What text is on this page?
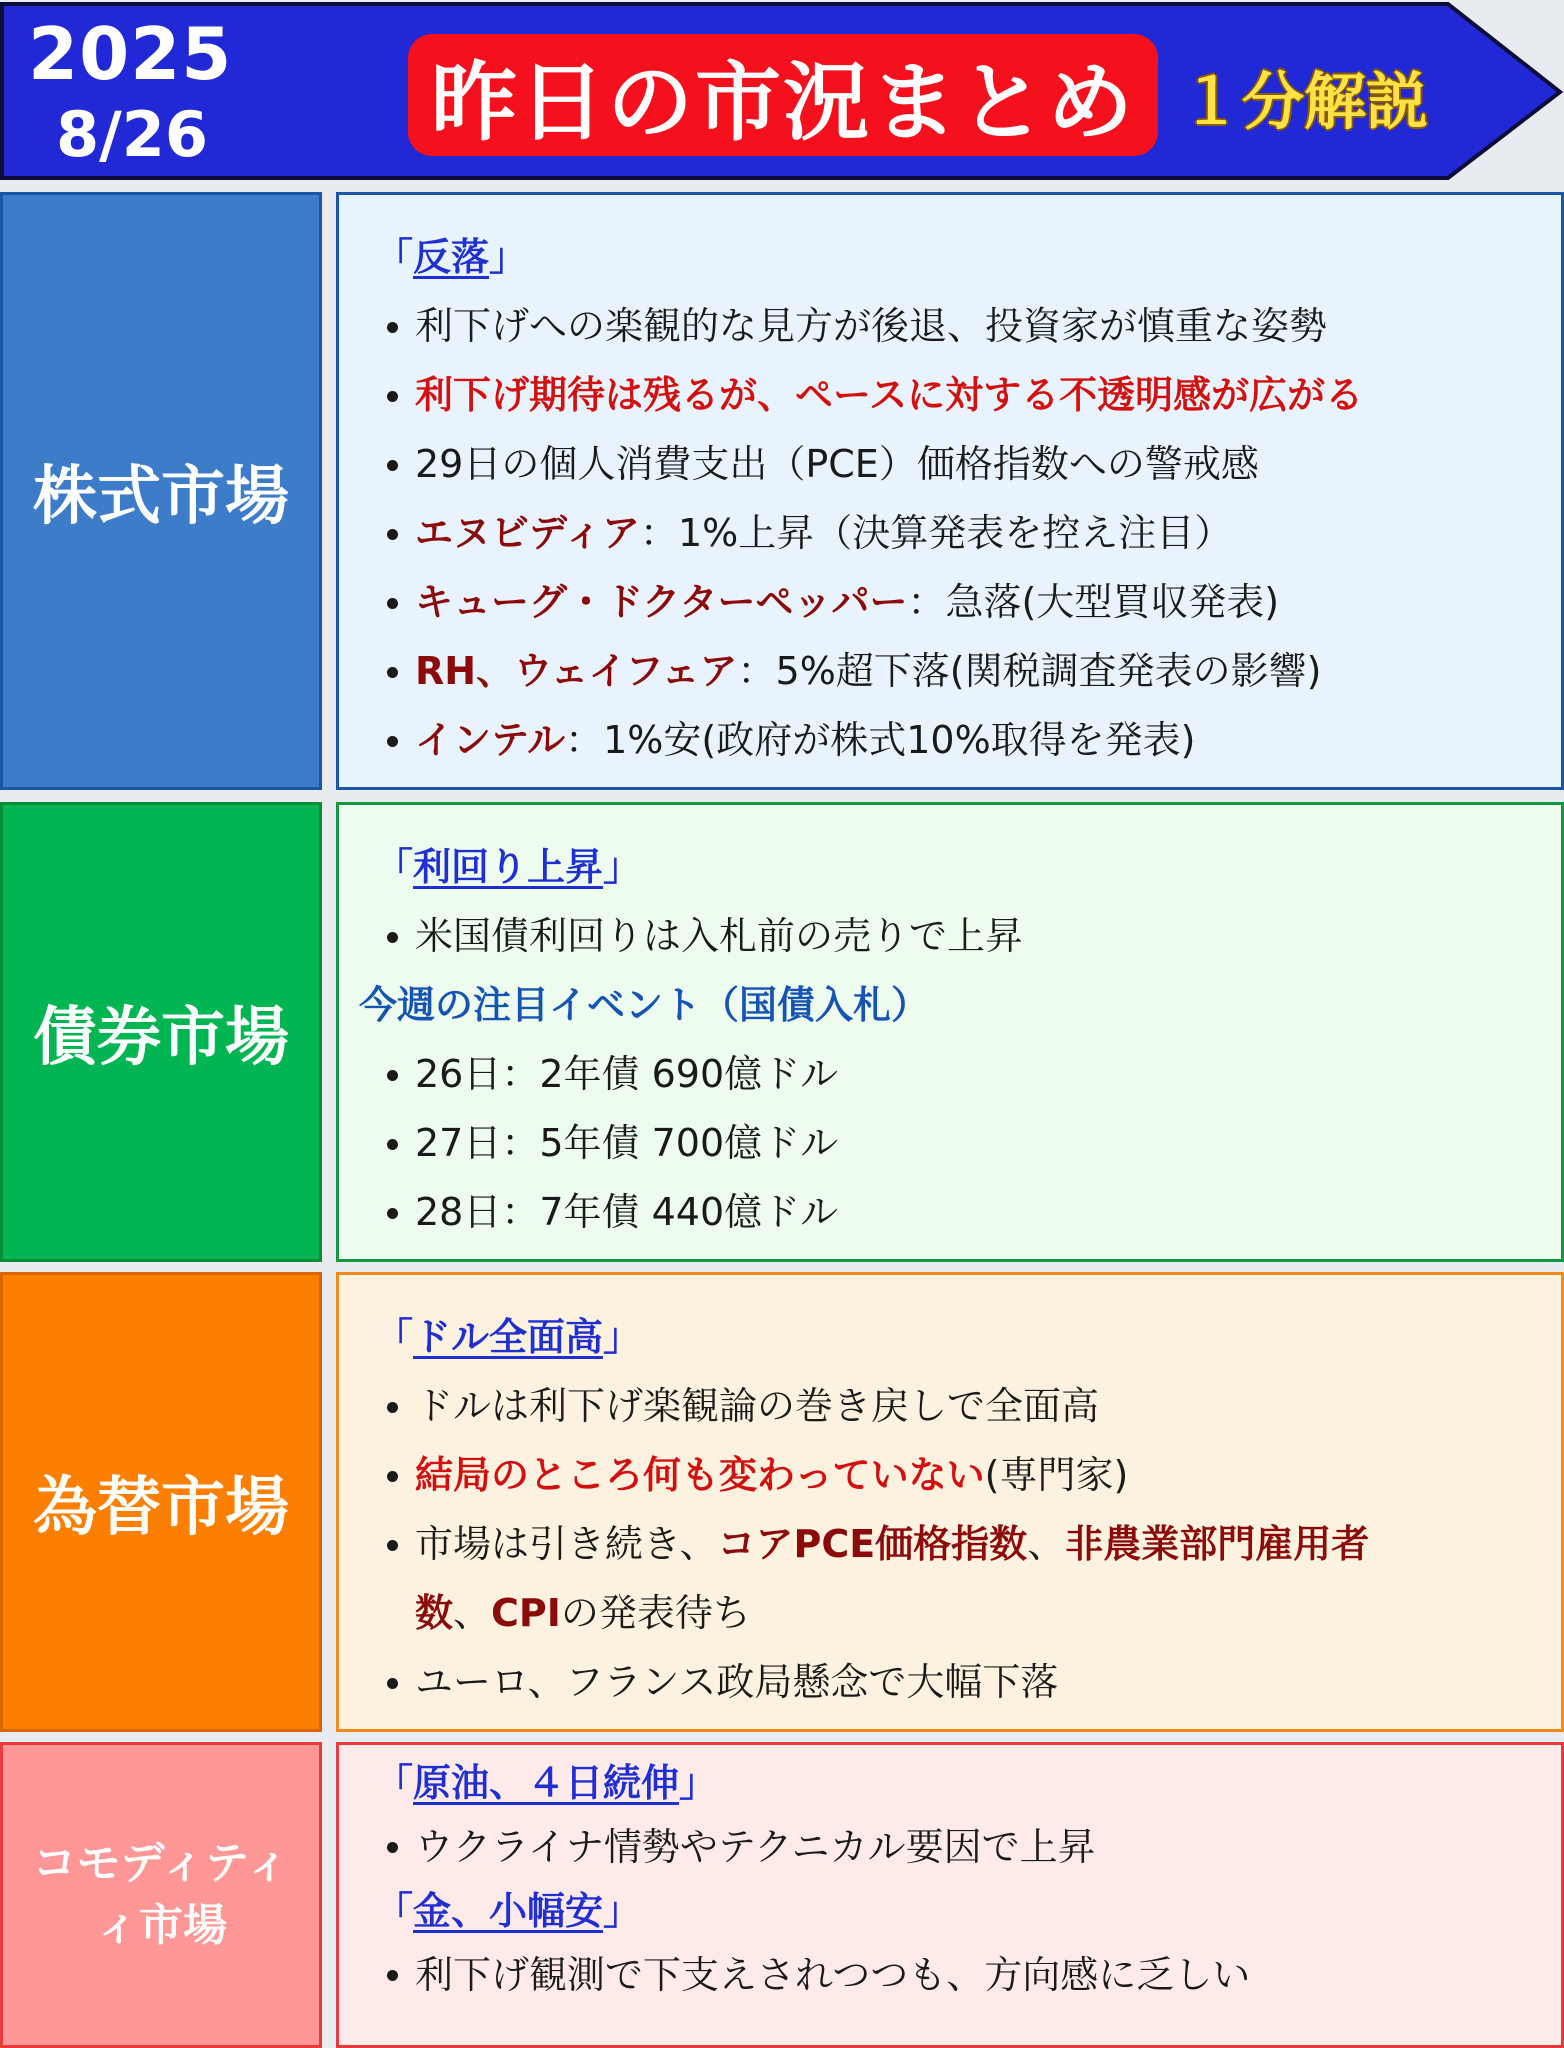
2025
8/26	昨日の市況まとめ １分解説
株式市場
「反落」
利下げへの楽観的な見方が後退、投資家が慎重な姿勢
利下げ期待は残るが、ペースに対する不透明感が広がる
29日の個人消費支出（PCE）価格指数への警戒感
エヌビディア：1%上昇（決算発表を控え注目）
キューグ・ドクターペッパー：急落(大型買収発表)
RH、ウェイフェア：5%超下落(関税調査発表の影響)
インテル：1%安(政府が株式10%取得を発表)
債券市場
「利回り上昇」
米国債利回りは入札前の売りで上昇
今週の注目イベント（国債入札）
26日：2年債 690億ドル
27日：5年債 700億ドル
28日：7年債 440億ドル
為替市場
「ドル全面高」
ドルは利下げ楽観論の巻き戻しで全面高
結局のところ何も変わっていない(専門家)
市場は引き続き、コアPCE価格指数、非農業部門雇用者
数、CPIの発表待ち
ユーロ、フランス政局懸念で大幅下落
コモディティ
ィ市場
「原油、４日続伸」
ウクライナ情勢やテクニカル要因で上昇
「金、小幅安」
利下げ観測で下支えされつつも、方向感に乏しい
